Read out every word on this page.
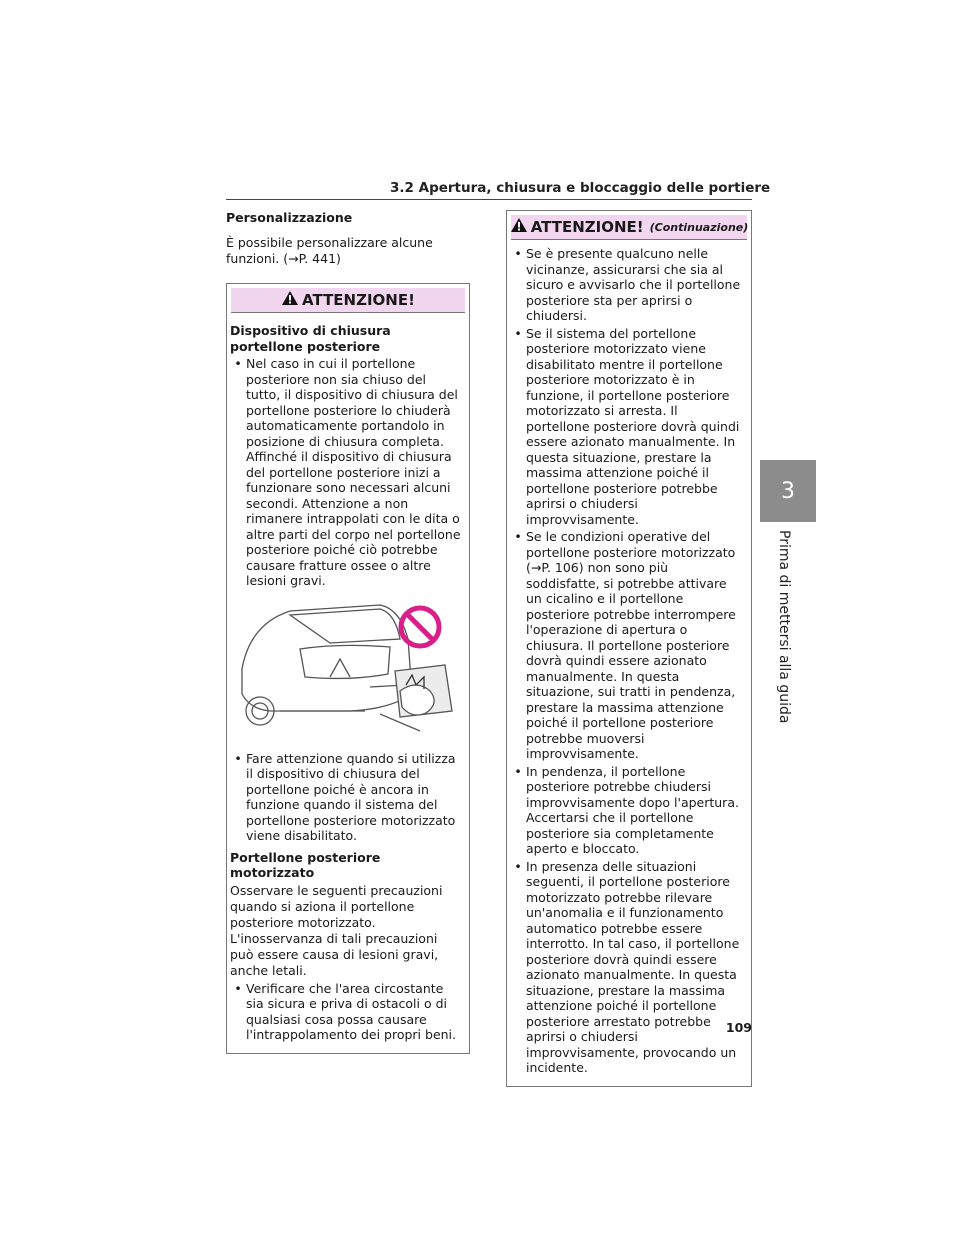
3.2 Apertura, chiusura e bloccaggio delle portiere
3
Prima di mettersi alla guida
Personalizzazione
È possibile personalizzare alcune funzioni. (→P. 441)
ATTENZIONE!
Dispositivo di chiusura portellone posteriore
• Nel caso in cui il portellone posteriore non sia chiuso del tutto, il dispositivo di chiusura del portellone posteriore lo chiuderà automaticamente portandolo in posizione di chiusura completa. Affinché il dispositivo di chiusura del portellone posteriore inizi a funzionare sono necessari alcuni secondi. Attenzione a non rimanere intrappolati con le dita o altre parti del corpo nel portellone posteriore poiché ciò potrebbe causare fratture ossee o altre lesioni gravi.
• Fare attenzione quando si utilizza il dispositivo di chiusura del portellone poiché è ancora in funzione quando il sistema del portellone posteriore motorizzato viene disabilitato.
Portellone posteriore motorizzato
Osservare le seguenti precauzioni quando si aziona il portellone posteriore motorizzato. L'inosservanza di tali precauzioni può essere causa di lesioni gravi, anche letali.
• Verificare che l'area circostante sia sicura e priva di ostacoli o di qualsiasi cosa possa causare l'intrappolamento dei propri beni.
ATTENZIONE! (Continuazione)
• Se è presente qualcuno nelle vicinanze, assicurarsi che sia al sicuro e avvisarlo che il portellone posteriore sta per aprirsi o chiudersi.
• Se il sistema del portellone posteriore motorizzato viene disabilitato mentre il portellone posteriore motorizzato è in funzione, il portellone posteriore motorizzato si arresta. Il portellone posteriore dovrà quindi essere azionato manualmente. In questa situazione, prestare la massima attenzione poiché il portellone posteriore potrebbe aprirsi o chiudersi improvvisamente.
• Se le condizioni operative del portellone posteriore motorizzato (→P. 106) non sono più soddisfatte, si potrebbe attivare un cicalino e il portellone posteriore potrebbe interrompere l'operazione di apertura o chiusura. Il portellone posteriore dovrà quindi essere azionato manualmente. In questa situazione, sui tratti in pendenza, prestare la massima attenzione poiché il portellone posteriore potrebbe muoversi improvvisamente.
• In pendenza, il portellone posteriore potrebbe chiudersi improvvisamente dopo l'apertura. Accertarsi che il portellone posteriore sia completamente aperto e bloccato.
• In presenza delle situazioni seguenti, il portellone posteriore motorizzato potrebbe rilevare un'anomalia e il funzionamento automatico potrebbe essere interrotto. In tal caso, il portellone posteriore dovrà quindi essere azionato manualmente. In questa situazione, prestare la massima attenzione poiché il portellone posteriore arrestato potrebbe aprirsi o chiudersi improvvisamente, provocando un incidente.
109
